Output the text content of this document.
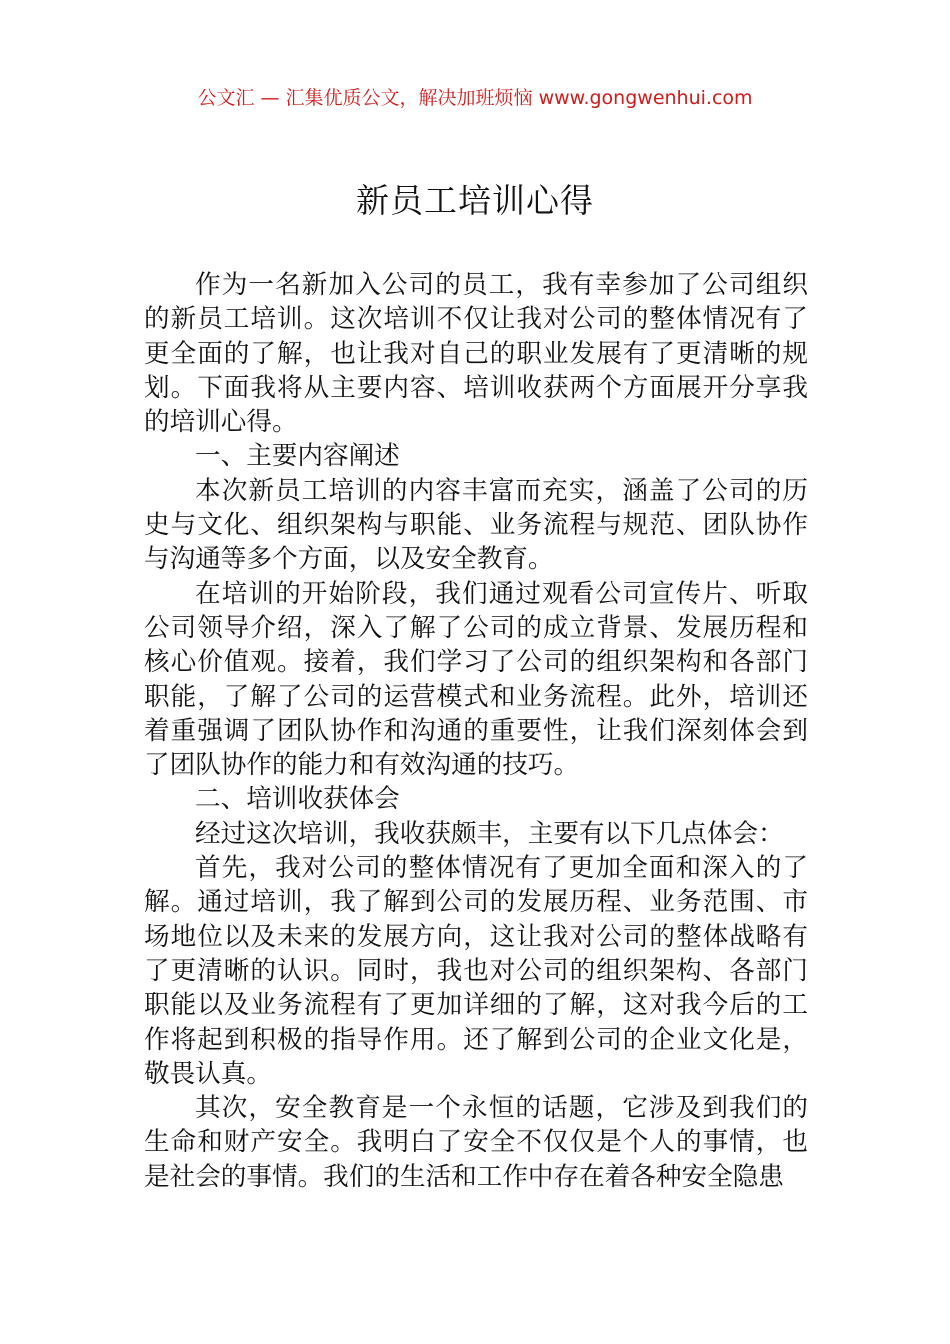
公文汇 — 汇集优质公文，解决加班烦恼 www.gongwenhui.com
新员工培训心得

作为一名新加入公司的员工，我有幸参加了公司组织的新员工培训。这次培训不仅让我对公司的整体情况有了更全面的了解，也让我对自己的职业发展有了更清晰的规划。下面我将从主要内容、培训收获两个方面展开分享我的培训心得。

一、主要内容阐述

本次新员工培训的内容丰富而充实，涵盖了公司的历史与文化、组织架构与职能、业务流程与规范、团队协作与沟通等多个方面，以及安全教育。

在培训的开始阶段，我们通过观看公司宣传片、听取公司领导介绍，深入了解了公司的成立背景、发展历程和核心价值观。接着，我们学习了公司的组织架构和各部门职能，了解了公司的运营模式和业务流程。此外，培训还着重强调了团队协作和沟通的重要性，让我们深刻体会到了团队协作的能力和有效沟通的技巧。

二、培训收获体会

经过这次培训，我收获颇丰，主要有以下几点体会：

首先，我对公司的整体情况有了更加全面和深入的了解。通过培训，我了解到公司的发展历程、业务范围、市场地位以及未来的发展方向，这让我对公司的整体战略有了更清晰的认识。同时，我也对公司的组织架构、各部门职能以及业务流程有了更加详细的了解，这对我今后的工作将起到积极的指导作用。还了解到公司的企业文化是，敬畏认真。

其次，安全教育是一个永恒的话题，它涉及到我们的生命和财产安全。我明白了安全不仅仅是个人的事情，也是社会的事情。我们的生活和工作中存在着各种安全隐患
